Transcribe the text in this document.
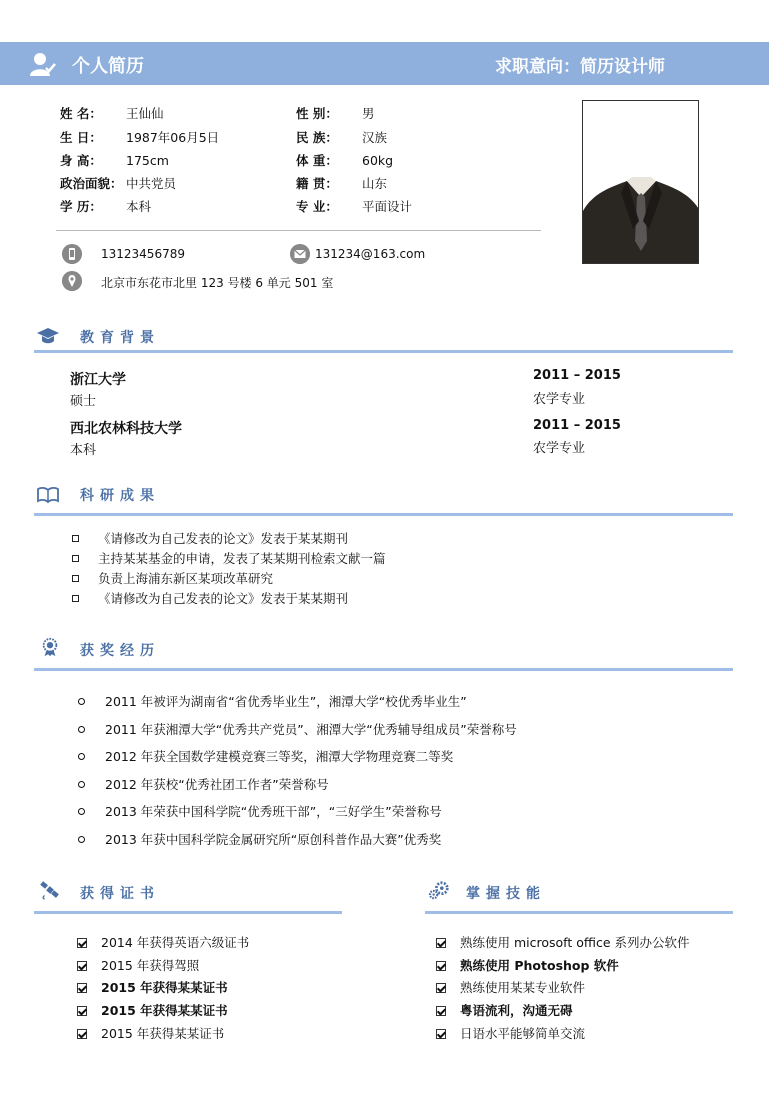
个人简历	求职意向：简历设计师
姓 名： 王仙仙
生 日： 1987年06月5日
身 高： 175cm
政治面貌： 中共党员
学 历： 本科
性 别： 男
民 族： 汉族
体 重： 60kg
籍 贯： 山东
专 业： 平面设计
13123456789	131234@163.com
北京市东花市北里 123 号楼 6 单元 501 室
教育背景
浙江大学
硕士
2011 – 2015
农学专业
西北农林科技大学
本科
2011 – 2015
农学专业
科研成果
《请修改为自己发表的论文》发表于某某期刊
主持某某基金的申请，发表了某某期刊检索文献一篇
负责上海浦东新区某项改革研究
《请修改为自己发表的论文》发表于某某期刊
获奖经历
2011 年被评为湖南省“省优秀毕业生”，湘潭大学“校优秀毕业生”
2011 年获湘潭大学“优秀共产党员”、湘潭大学“优秀辅导组成员”荣誉称号
2012 年获全国数学建模竞赛三等奖，湘潭大学物理竞赛二等奖
2012 年获校“优秀社团工作者”荣誉称号
2013 年荣获中国科学院“优秀班干部”，“三好学生”荣誉称号
2013 年获中国科学院金属研究所“原创科普作品大赛”优秀奖
获得证书
2014 年获得英语六级证书
2015 年获得驾照
2015 年获得某某证书
2015 年获得某某证书
2015 年获得某某证书
掌握技能
熟练使用 microsoft office 系列办公软件
熟练使用 Photoshop 软件
熟练使用某某专业软件
粤语流利，沟通无碍
日语水平能够简单交流
